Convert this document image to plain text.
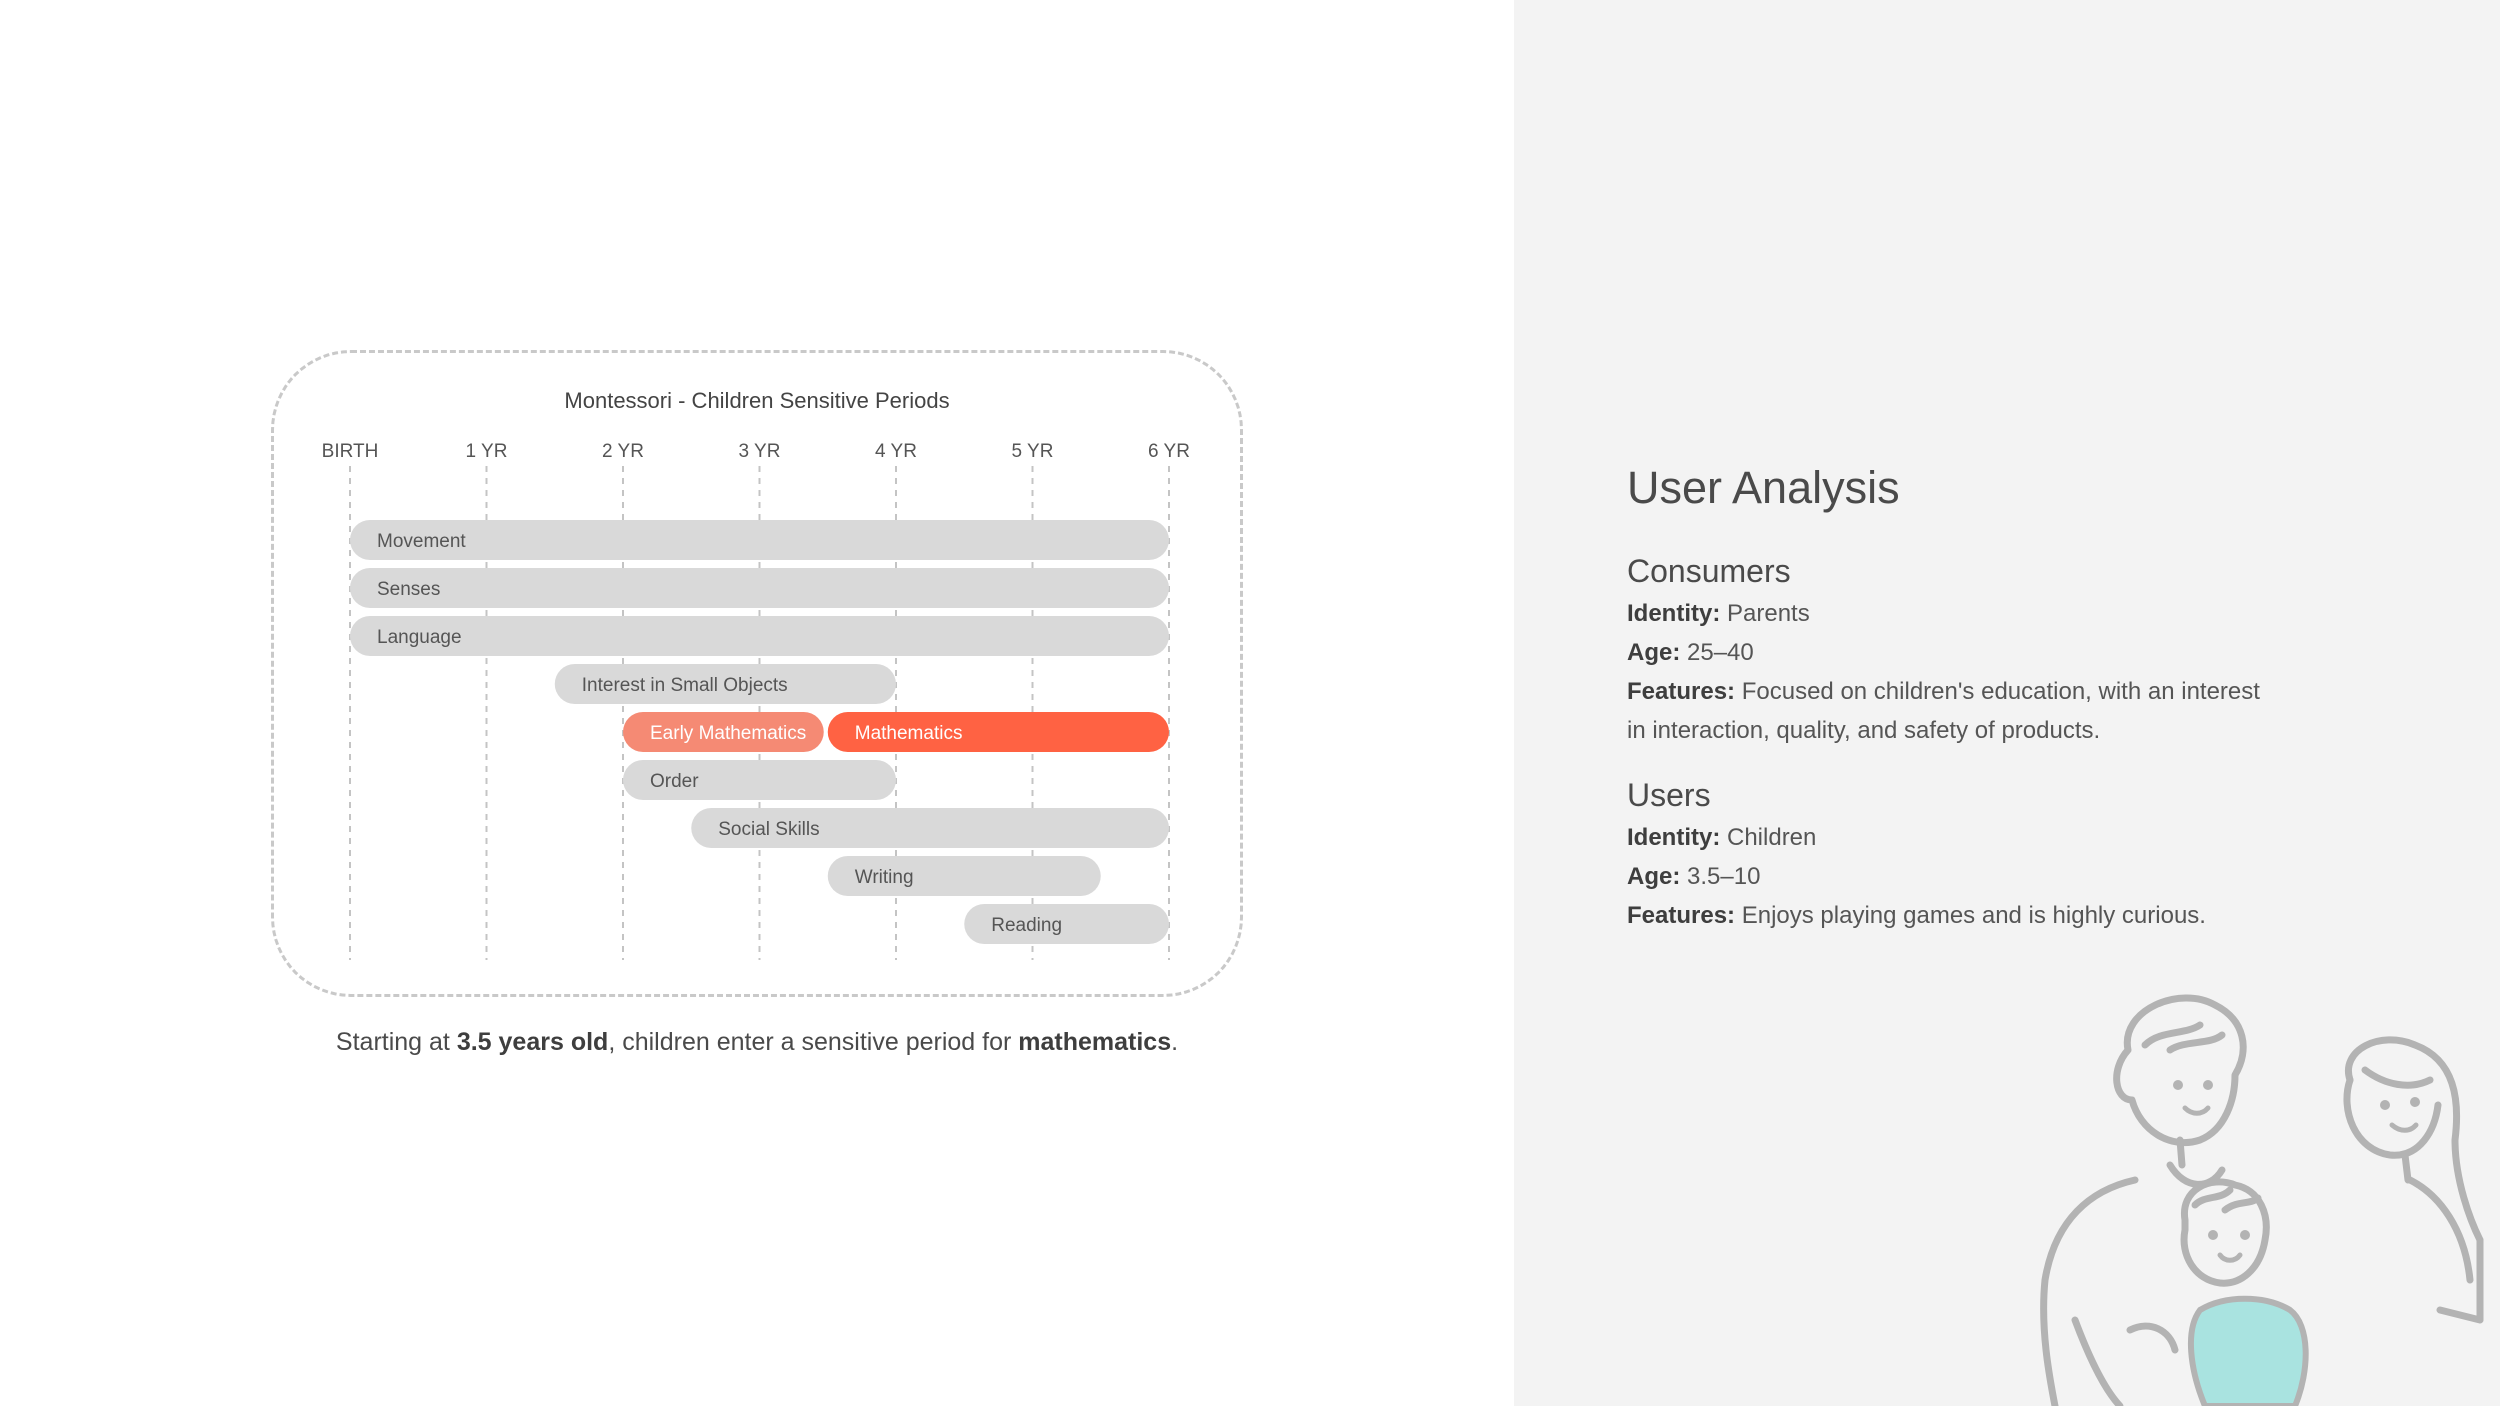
Montessori - Children Sensitive Periods
BIRTH	1 YR	2 YR	3 YR	4 YR	5 YR	6 YR
Movement
Senses
Language
Interest in Small Objects
Early Mathematics	Mathematics
Order
Social Skills
Writing
Reading
Starting at 3.5 years old, children enter a sensitive period for mathematics.
User Analysis
Consumers
Identity: Parents
Age: 25–40
Features: Focused on children's education, with an interest in interaction, quality, and safety of products.
Users
Identity: Children
Age: 3.5–10
Features: Enjoys playing games and is highly curious.
